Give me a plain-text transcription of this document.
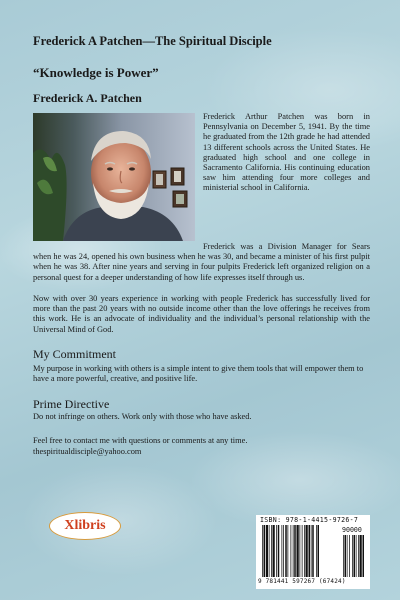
Frederick A Patchen—The Spiritual Disciple
“Knowledge is Power”
Frederick A. Patchen
Frederick Arthur Patchen was born in Pennsylvania on December 5, 1941. By the time he graduated from the 12th grade he had attended 13 different schools across the United States. He graduated high school and one college in Sacramento California. His continuing education saw him attending four more colleges and ministerial school in California.
Frederick was a Division Manager for Sears when he was 24, opened his own business when he was 30, and became a minister of his first pulpit when he was 38. After nine years and serving in four pulpits Frederick left organized religion on a personal quest for a deeper understanding of how life expresses itself through us.
Now with over 30 years experience in working with people Frederick has successfully lived for more than the past 20 years with no outside income other than the love offerings he receives from this work. He is an advocate of individuality and the individual’s personal relationship with the Universal Mind of God.
My Commitment
My purpose in working with others is a simple intent to give them tools that will empower them to have a more powerful, creative, and positive life.
Prime Directive
Do not infringe on others. Work only with those who have asked.
Feel free to contact me with questions or comments at any time.
thespiritualdisciple@yahoo.com
Xlibris	ISBN: 978-1-4415-9726-7
90000
9 781441 597267 (67424)
